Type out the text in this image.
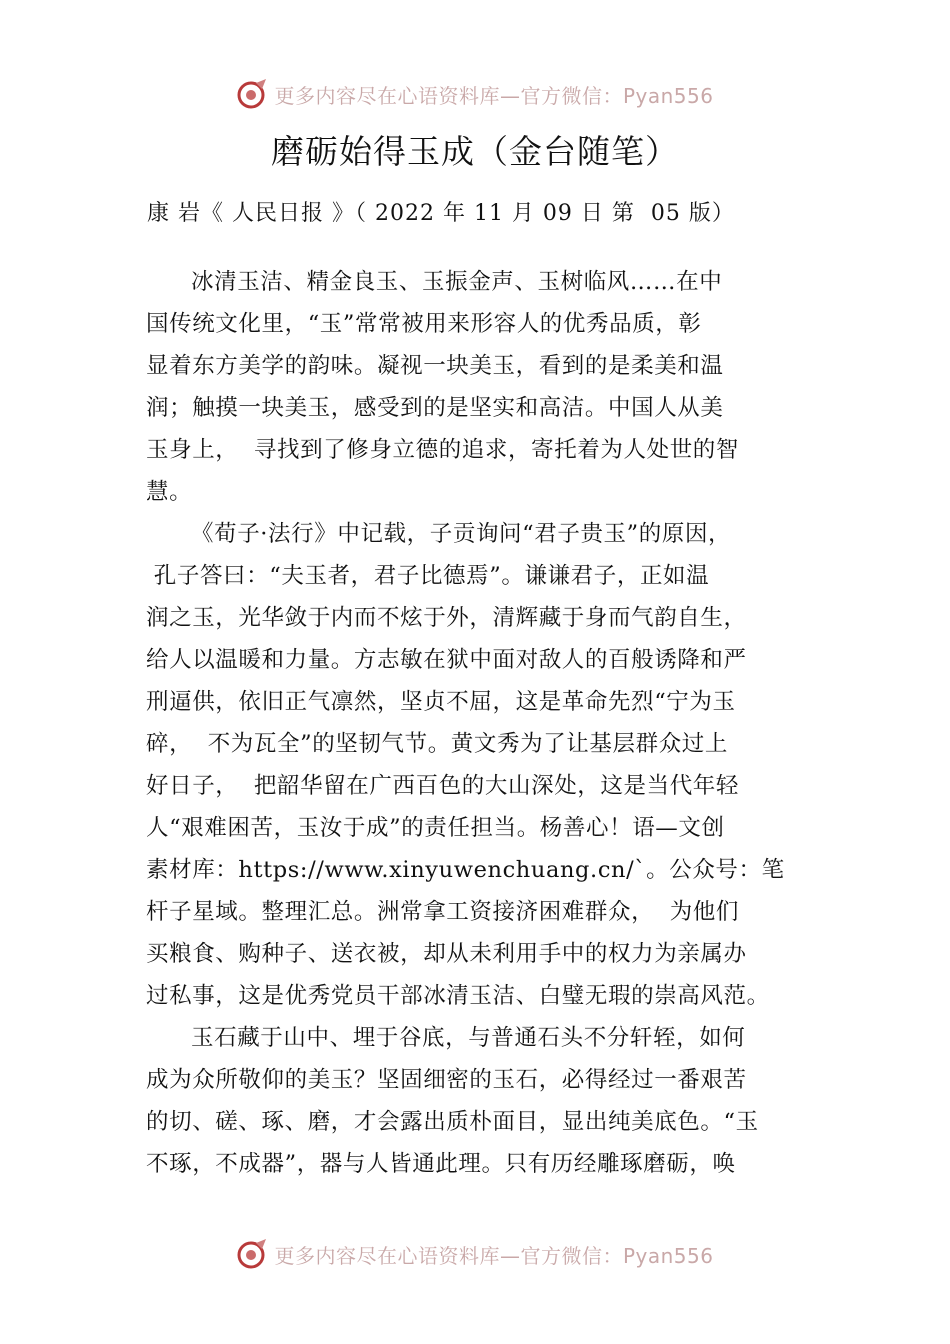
更多内容尽在心语资料库—官方微信：Pyan556
磨砺始得玉成（金台随笔）
康 岩《 人民日报 》（ 2022 年 11 月 09 日 第  05 版）
冰清玉洁、精金良玉、玉振金声、玉树临风……在中
国传统文化里，“玉”常常被用来形容人的优秀品质，彰
显着东方美学的韵味。凝视一块美玉，看到的是柔美和温
润；触摸一块美玉，感受到的是坚实和高洁。中国人从美
玉身上，  寻找到了修身立德的追求，寄托着为人处世的智
慧。
《荀子·法行》中记载，子贡询问“君子贵玉”的原因，
孔子答曰：“夫玉者，君子比德焉”。谦谦君子，正如温
润之玉，光华敛于内而不炫于外，清辉藏于身而气韵自生，
给人以温暖和力量。方志敏在狱中面对敌人的百般诱降和严
刑逼供，依旧正气凛然，坚贞不屈，这是革命先烈“宁为玉
碎，  不为瓦全”的坚韧气节。黄文秀为了让基层群众过上
好日子，  把韶华留在广西百色的大山深处，这是当代年轻
人“艰难困苦，玉汝于成”的责任担当。杨善心！语—文创
素材库：https://www.xinyuwenchuang.cn/`。公众号：笔
杆子星域。整理汇总。洲常拿工资接济困难群众，  为他们
买粮食、购种子、送衣被，却从未利用手中的权力为亲属办
过私事，这是优秀党员干部冰清玉洁、白璧无瑕的崇高风范。
玉石藏于山中、埋于谷底，与普通石头不分轩轾，如何
成为众所敬仰的美玉？坚固细密的玉石，必得经过一番艰苦
的切、磋、琢、磨，才会露出质朴面目，显出纯美底色。“玉
不琢，不成器”，器与人皆通此理。只有历经雕琢磨砺，唤
更多内容尽在心语资料库—官方微信：Pyan556
